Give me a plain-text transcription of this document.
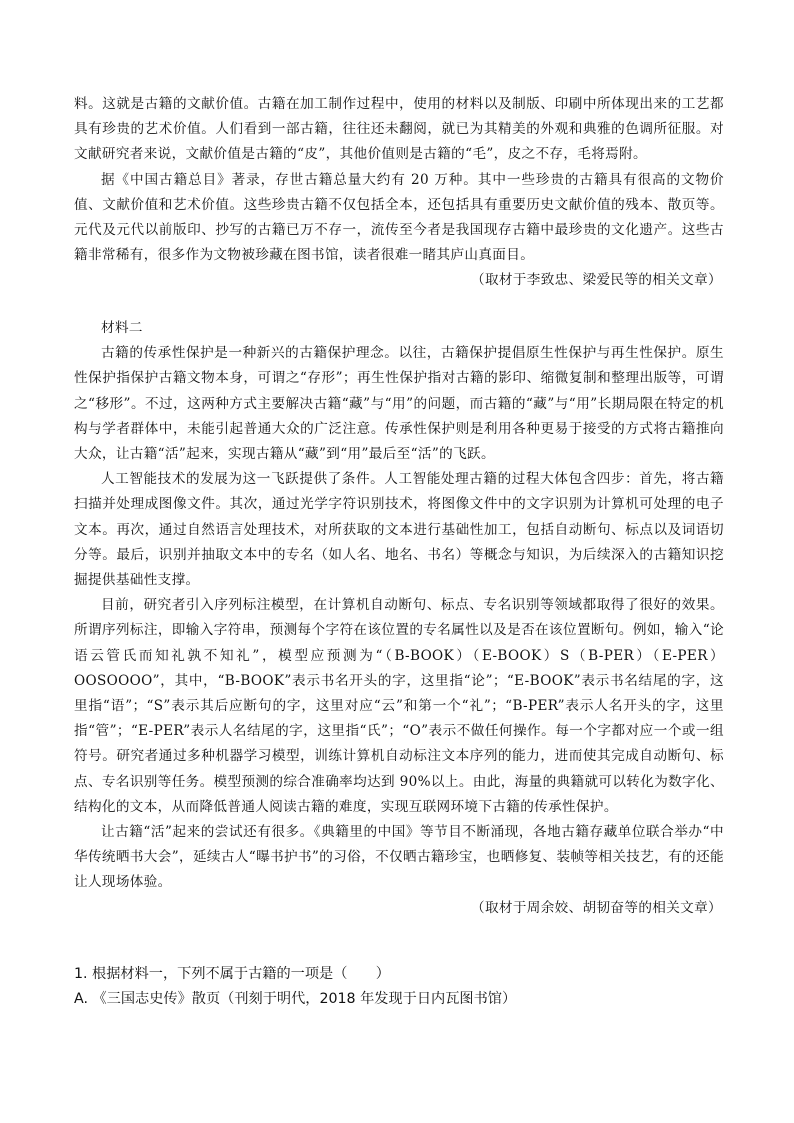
料。这就是古籍的文献价值。古籍在加工制作过程中，使用的材料以及制版、印刷中所体现出来的工艺都具有珍贵的艺术价值。人们看到一部古籍，往往还未翻阅，就已为其精美的外观和典雅的色调所征服。对文献研究者来说，文献价值是古籍的“皮”，其他价值则是古籍的“毛”，皮之不存，毛将焉附。

据《中国古籍总目》著录，存世古籍总量大约有 20 万种。其中一些珍贵的古籍具有很高的文物价值、文献价值和艺术价值。这些珍贵古籍不仅包括全本，还包括具有重要历史文献价值的残本、散页等。元代及元代以前版印、抄写的古籍已万不存一，流传至今者是我国现存古籍中最珍贵的文化遗产。这些古籍非常稀有，很多作为文物被珍藏在图书馆，读者很难一睹其庐山真面目。

（取材于李致忠、梁爱民等的相关文章）

材料二

古籍的传承性保护是一种新兴的古籍保护理念。以往，古籍保护提倡原生性保护与再生性保护。原生性保护指保护古籍文物本身，可谓之“存形”；再生性保护指对古籍的影印、缩微复制和整理出版等，可谓之“移形”。不过，这两种方式主要解决古籍“藏”与“用”的问题，而古籍的“藏”与“用”长期局限在特定的机构与学者群体中，未能引起普通大众的广泛注意。传承性保护则是利用各种更易于接受的方式将古籍推向大众，让古籍“活”起来，实现古籍从“藏”到“用”最后至“活”的飞跃。

人工智能技术的发展为这一飞跃提供了条件。人工智能处理古籍的过程大体包含四步：首先，将古籍扫描并处理成图像文件。其次，通过光学字符识别技术，将图像文件中的文字识别为计算机可处理的电子文本。再次，通过自然语言处理技术，对所获取的文本进行基础性加工，包括自动断句、标点以及词语切分等。最后，识别并抽取文本中的专名（如人名、地名、书名）等概念与知识，为后续深入的古籍知识挖掘提供基础性支撑。

目前，研究者引入序列标注模型，在计算机自动断句、标点、专名识别等领域都取得了很好的效果。所谓序列标注，即输入字符串，预测每个字符在该位置的专名属性以及是否在该位置断句。例如，输入“论语云管氏而知礼孰不知礼”，模型应预测为“（B-BOOK）（E-BOOK）S（B-PER）（E-PER）OOSOOOO”，其中，“B-BOOK”表示书名开头的字，这里指“论”；“E-BOOK”表示书名结尾的字，这里指“语”；“S”表示其后应断句的字，这里对应“云”和第一个“礼”；“B-PER”表示人名开头的字，这里指“管”；“E-PER”表示人名结尾的字，这里指“氏”；“O”表示不做任何操作。每一个字都对应一个或一组符号。研究者通过多种机器学习模型，训练计算机自动标注文本序列的能力，进而使其完成自动断句、标点、专名识别等任务。模型预测的综合准确率均达到 90%以上。由此，海量的典籍就可以转化为数字化、结构化的文本，从而降低普通人阅读古籍的难度，实现互联网环境下古籍的传承性保护。

让古籍“活”起来的尝试还有很多。《典籍里的中国》等节目不断涌现，各地古籍存藏单位联合举办“中华传统晒书大会”，延续古人“曝书护书”的习俗，不仅晒古籍珍宝，也晒修复、装帧等相关技艺，有的还能让人现场体验。

（取材于周余姣、胡韧奋等的相关文章）

1. 根据材料一，下列不属于古籍的一项是（　　）

A. 《三国志史传》散页（刊刻于明代，2018 年发现于日内瓦图书馆）
